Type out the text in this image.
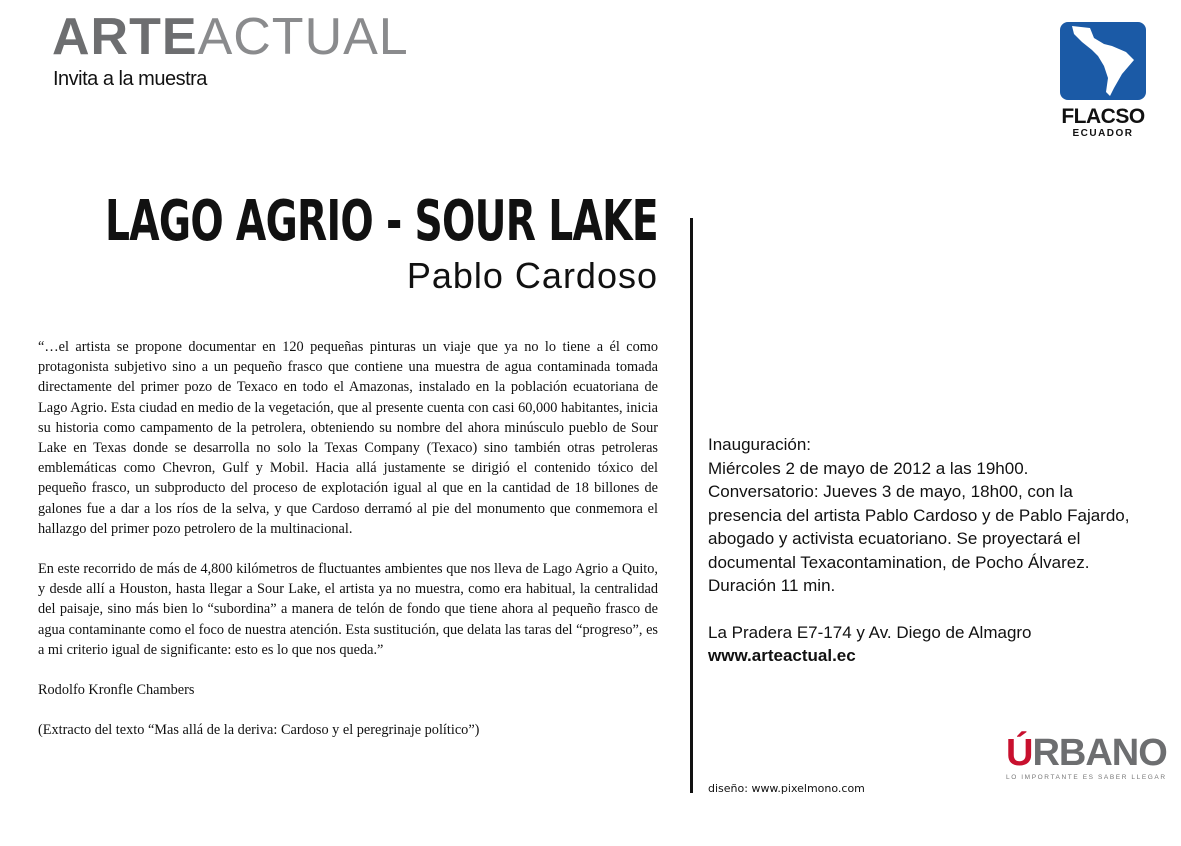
ARTEACTUAL
Invita a la muestra
FLACSO
ECUADOR
LAGO AGRIO - SOUR LAKE
Pablo Cardoso

“…el artista se propone documentar en 120 pequeñas pinturas un viaje que ya no lo tiene a él como protagonista subjetivo sino a un pequeño frasco que contiene una muestra de agua contaminada tomada directamente del primer pozo de Texaco en todo el Amazonas, instalado en la población ecuatoriana de Lago Agrio. Esta ciudad en medio de la vegetación, que al presente cuenta con casi 60,000 habitantes, inicia su historia como campamento de la petrolera, obteniendo su nombre del ahora minúsculo pueblo de Sour Lake en Texas donde se desarrolla no solo la Texas Company (Texaco) sino también otras petroleras emblemáticas como Chevron, Gulf y Mobil. Hacia allá justamente se dirigió el contenido tóxico del pequeño frasco, un subproducto del proceso de explotación igual al que en la cantidad de 18 billones de galones fue a dar a los ríos de la selva, y que Cardoso derramó al pie del monumento que conmemora el hallazgo del primer pozo petrolero de la multinacional.

En este recorrido de más de 4,800 kilómetros de fluctuantes ambientes que nos lleva de Lago Agrio a Quito, y desde allí a Houston, hasta llegar a Sour Lake, el artista ya no muestra, como era habitual, la centralidad del paisaje, sino más bien lo “subordina” a manera de telón de fondo que tiene ahora al pequeño frasco de agua contaminante como el foco de nuestra atención. Esta sustitución, que delata las taras del “progreso”, es a mi criterio igual de significante: esto es lo que nos queda.”

Rodolfo Kronfle Chambers

(Extracto del texto “Mas allá de la deriva: Cardoso y el peregrinaje político”)

Inauguración:

Miércoles 2 de mayo de 2012 a las 19h00.

Conversatorio: Jueves 3 de mayo, 18h00, con la presencia del artista Pablo Cardoso y de Pablo Fajardo, abogado y activista ecuatoriano. Se proyectará el documental Texacontamination, de Pocho Álvarez. Duración 11 min.

La Pradera E7-174 y Av. Diego de Almagro

www.arteactual.ec

diseño: www.pixelmono.com
ÚRBANO
LO IMPORTANTE ES SABER LLEGAR
